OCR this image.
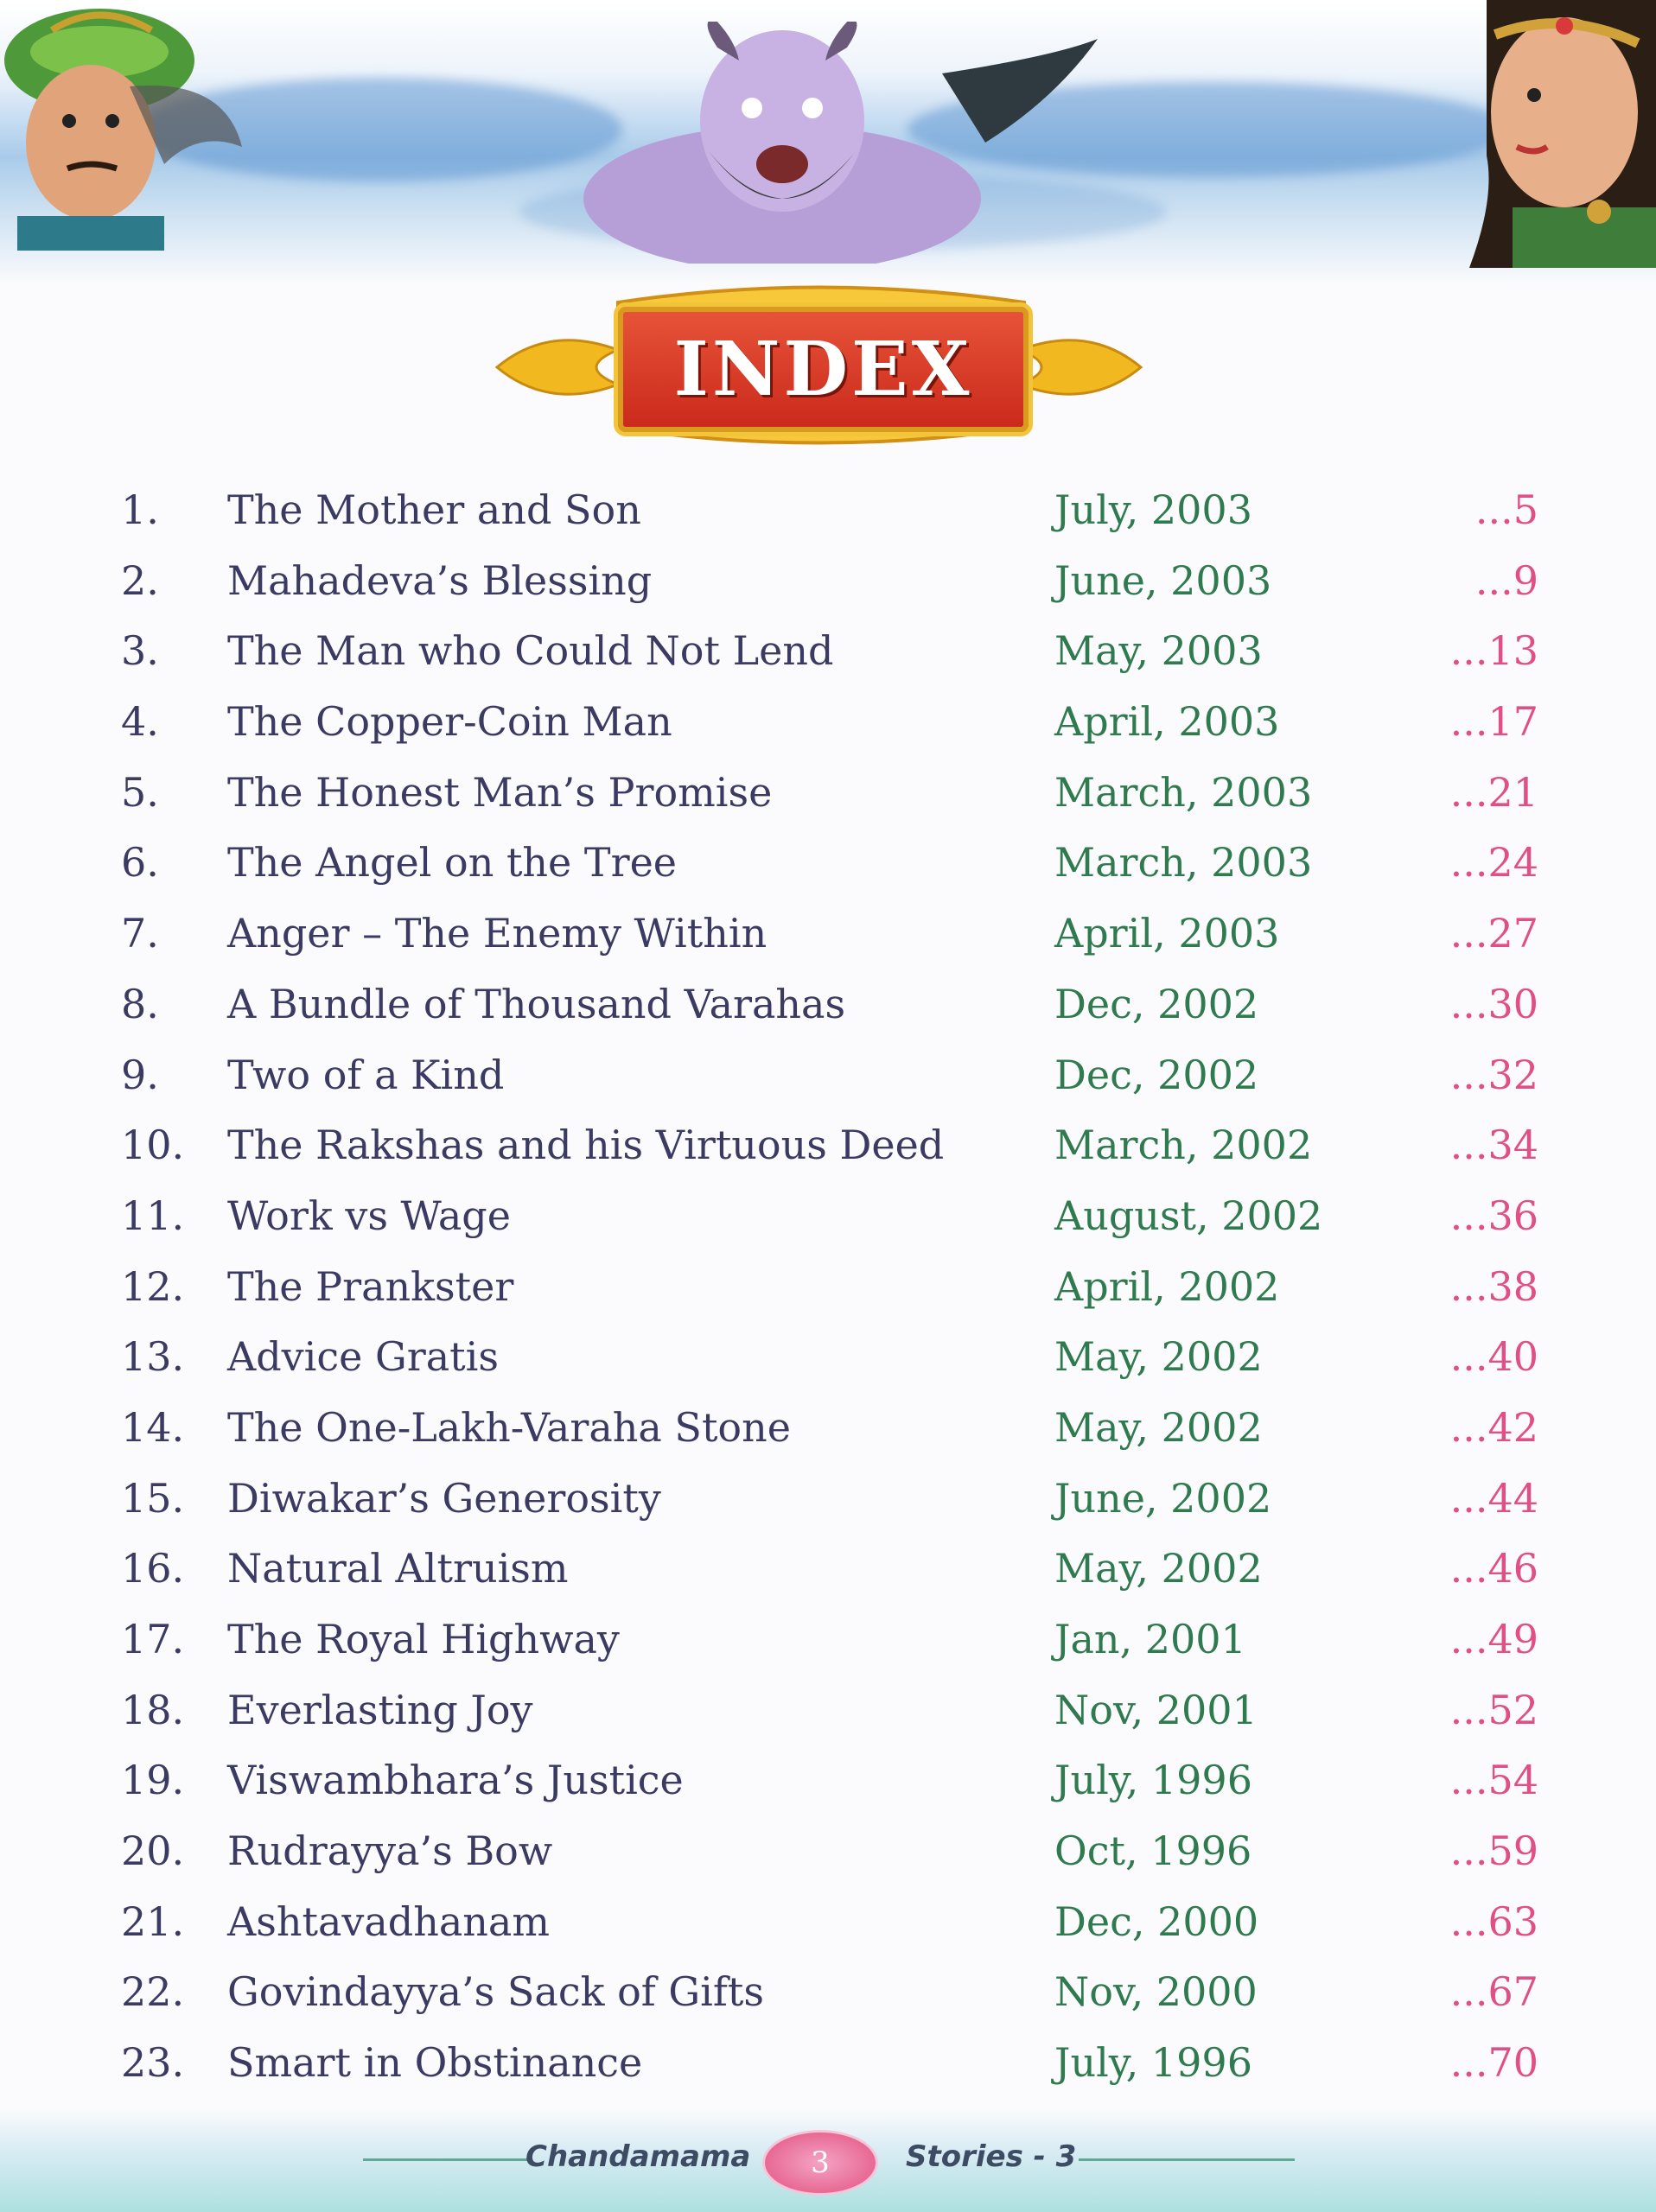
INDEX
1. The Mother and Son	July, 2003	...5
2. Mahadeva’s Blessing	June, 2003	...9
3. The Man who Could Not Lend	May, 2003	...13
4. The Copper-Coin Man	April, 2003	...17
5. The Honest Man’s Promise	March, 2003	...21
6. The Angel on the Tree	March, 2003	...24
7. Anger – The Enemy Within	April, 2003	...27
8. A Bundle of Thousand Varahas	Dec, 2002	...30
9. Two of a Kind	Dec, 2002	...32
10. The Rakshas and his Virtuous Deed	March, 2002	...34
11. Work vs Wage	August, 2002	...36
12. The Prankster	April, 2002	...38
13. Advice Gratis	May, 2002	...40
14. The One-Lakh-Varaha Stone	May, 2002	...42
15. Diwakar’s Generosity	June, 2002	...44
16. Natural Altruism	May, 2002	...46
17. The Royal Highway	Jan, 2001	...49
18. Everlasting Joy	Nov, 2001	...52
19. Viswambhara’s Justice	July, 1996	...54
20. Rudrayya’s Bow	Oct, 1996	...59
21. Ashtavadhanam	Dec, 2000	...63
22. Govindayya’s Sack of Gifts	Nov, 2000	...67
23. Smart in Obstinance	July, 1996	...70
Chandamama	3	Stories - 3
